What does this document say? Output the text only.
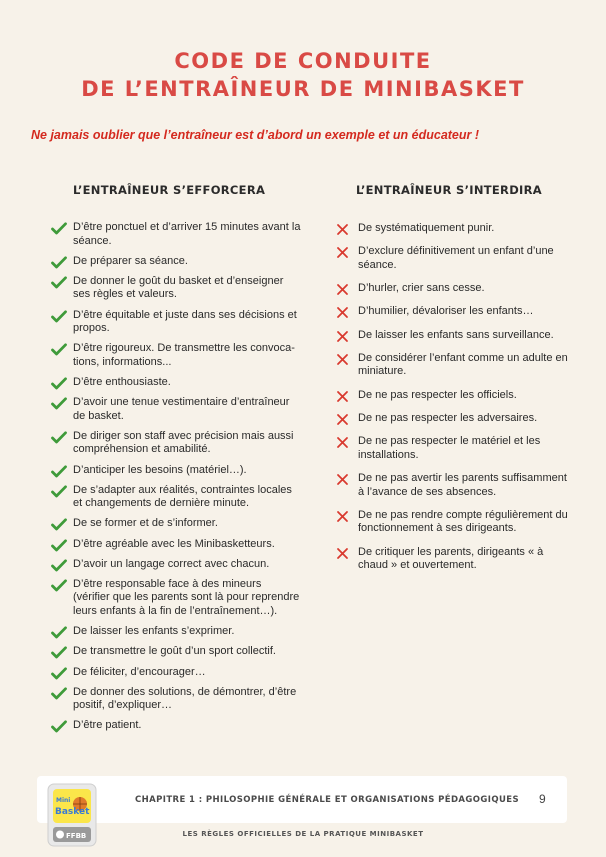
CODE DE CONDUITE
DE L’ENTRAÎNEUR DE MINIBASKET
Ne jamais oublier que l’entraîneur est d’abord un exemple et un éducateur !
L’ENTRAÎNEUR S’EFFORCERA	L’ENTRAÎNEUR S’INTERDIRA
D’être ponctuel et d’arriver 15 minutes avant la séance.
De préparer sa séance.
De donner le goût du basket et d’enseigner ses règles et valeurs.
D’être équitable et juste dans ses décisions et propos.
D’être rigoureux. De transmettre les convoca-tions, informations...
D’être enthousiaste.
D’avoir une tenue vestimentaire d’entraîneur de basket.
De diriger son staff avec précision mais aussi compréhension et amabilité.
D’anticiper les besoins (matériel…).
De s’adapter aux réalités, contraintes locales et changements de dernière minute.
De se former et de s’informer.
D’être agréable avec les Minibasketteurs.
D’avoir un langage correct avec chacun.
D’être responsable face à des mineurs (vérifier que les parents sont là pour reprendre leurs enfants à la fin de l’entraînement…).
De laisser les enfants s’exprimer.
De transmettre le goût d’un sport collectif.
De féliciter, d’encourager…
De donner des solutions, de démontrer, d’être positif, d’expliquer…
D’être patient.
De systématiquement punir.
D’exclure définitivement un enfant d’une séance.
D’hurler, crier sans cesse.
D’humilier, dévaloriser les enfants…
De laisser les enfants sans surveillance.
De considérer l’enfant comme un adulte en miniature.
De ne pas respecter les officiels.
De ne pas respecter les adversaires.
De ne pas respecter le matériel et les installations.
De ne pas avertir les parents suffisamment à l’avance de ses absences.
De ne pas rendre compte régulièrement du fonctionnement à ses dirigeants.
De critiquer les parents, dirigeants « à chaud » et ouvertement.
Mini
Basket
FFBB
CHAPITRE 1 : PHILOSOPHIE GÉNÉRALE ET ORGANISATIONS PÉDAGOGIQUES 9
LES RÈGLES OFFICIELLES DE LA PRATIQUE MINIBASKET
